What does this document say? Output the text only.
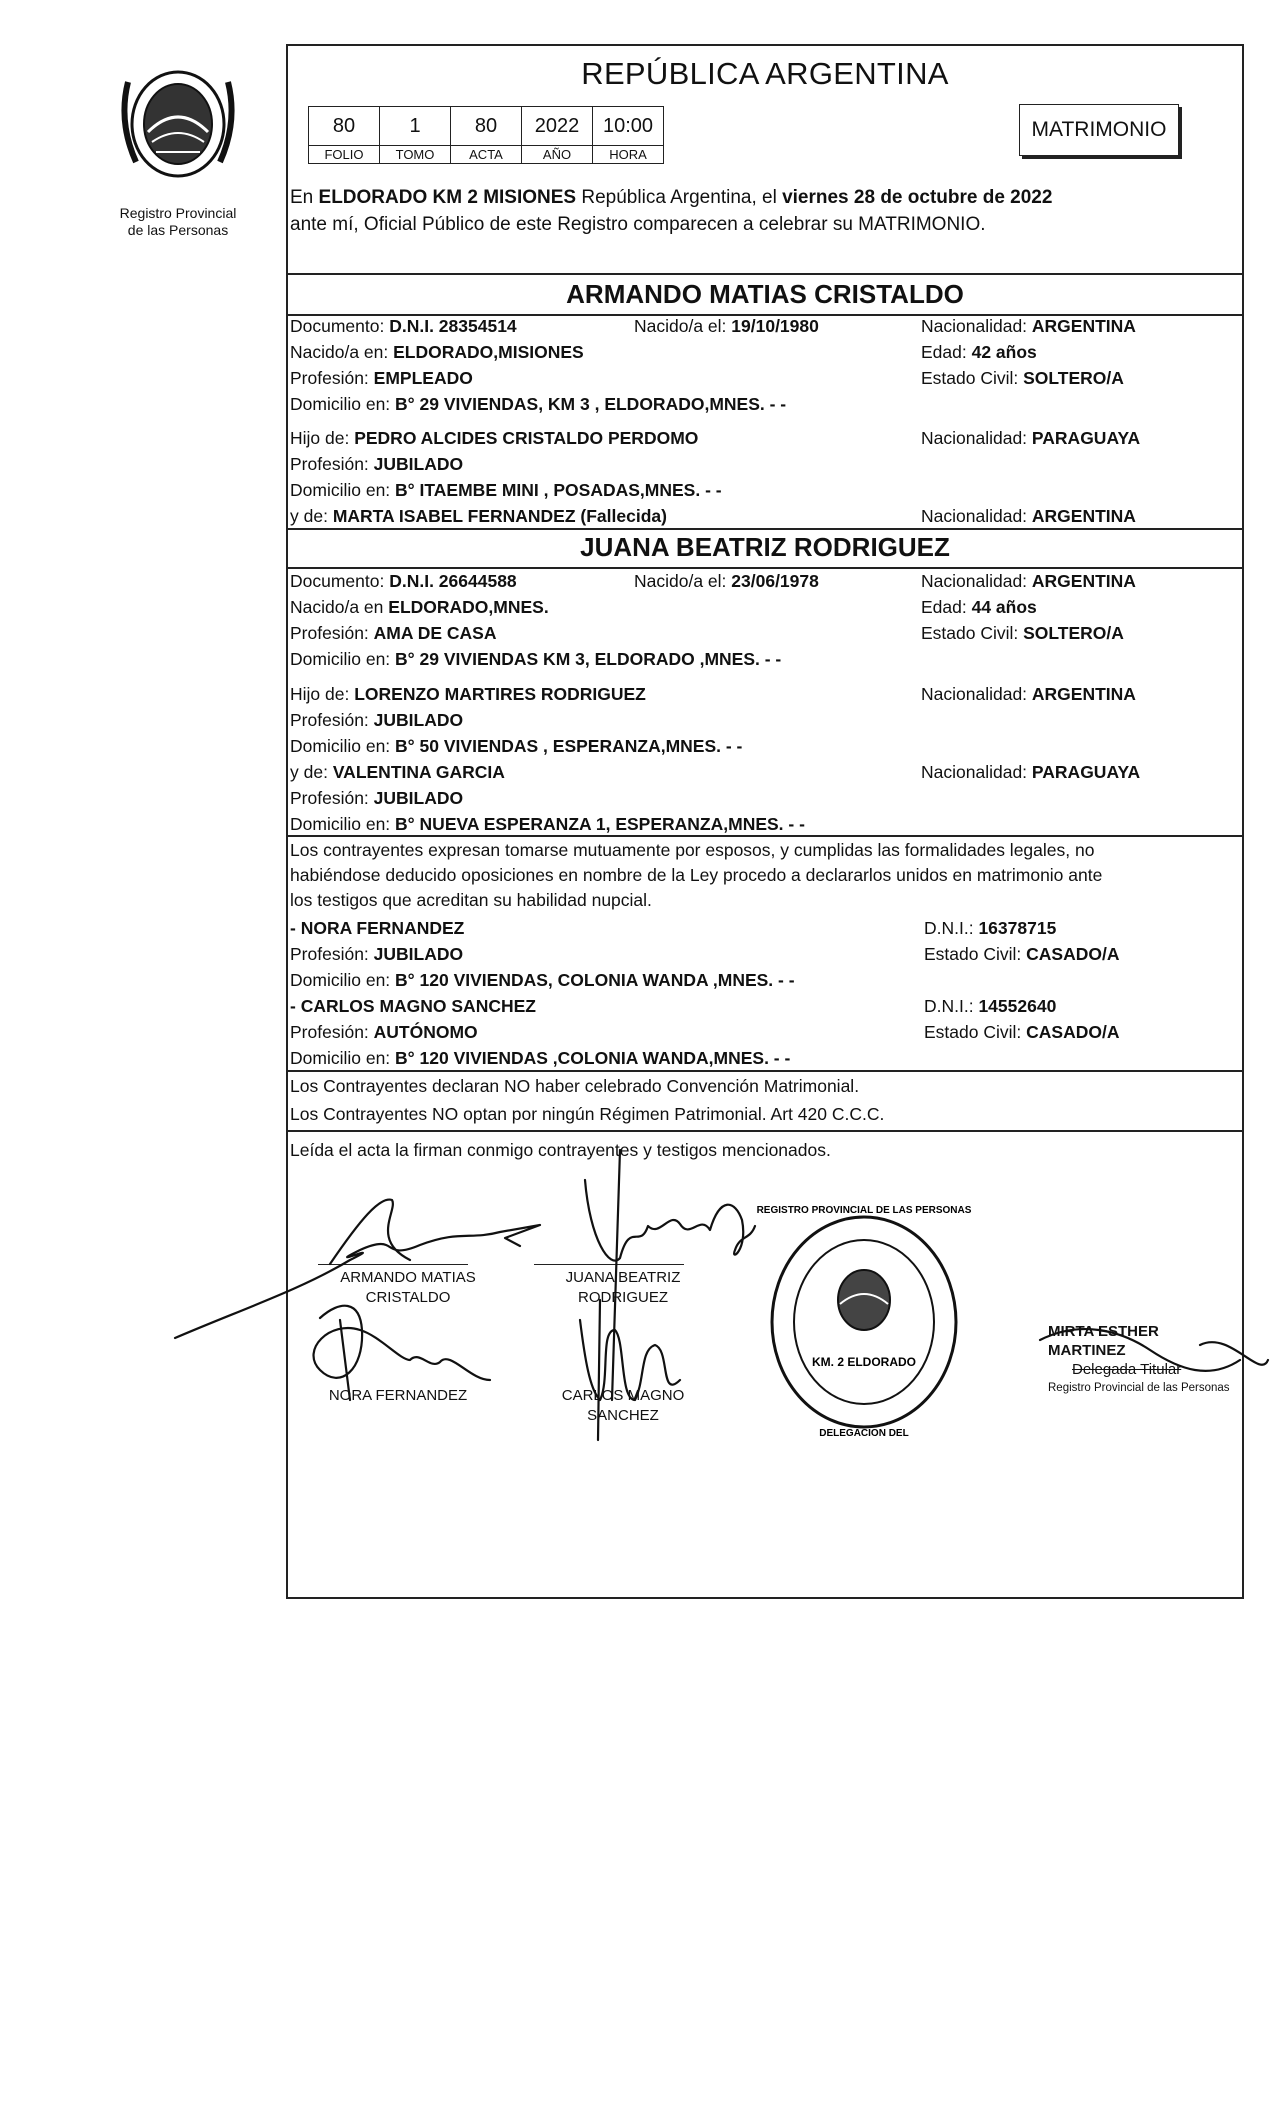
Registro Provincial
de las Personas
REPÚBLICA ARGENTINA
80	1	80	2022	10:00
FOLIO	TOMO	ACTA	AÑO	HORA
MATRIMONIO
En ELDORADO KM 2 MISIONES República Argentina, el viernes 28 de octubre de 2022
ante mí, Oficial Público de este Registro comparecen a celebrar su MATRIMONIO.
ARMANDO MATIAS CRISTALDO
Documento: D.N.I. 28354514	Nacido/a el: 19/10/1980	Nacionalidad: ARGENTINA
Nacido/a en: ELDORADO,MISIONES	Edad: 42 años
Profesión: EMPLEADO	Estado Civil: SOLTERO/A
Domicilio en: B° 29 VIVIENDAS, KM 3 , ELDORADO,MNES. - -
Hijo de: PEDRO ALCIDES CRISTALDO PERDOMO	Nacionalidad: PARAGUAYA
Profesión: JUBILADO
Domicilio en: B° ITAEMBE MINI , POSADAS,MNES. - -
y de: MARTA ISABEL FERNANDEZ (Fallecida)	Nacionalidad: ARGENTINA
JUANA BEATRIZ RODRIGUEZ
Documento: D.N.I. 26644588	Nacido/a el: 23/06/1978	Nacionalidad: ARGENTINA
Nacido/a en ELDORADO,MNES.	Edad: 44 años
Profesión: AMA DE CASA	Estado Civil: SOLTERO/A
Domicilio en: B° 29 VIVIENDAS KM 3, ELDORADO ,MNES. - -
Hijo de: LORENZO MARTIRES RODRIGUEZ	Nacionalidad: ARGENTINA
Profesión: JUBILADO
Domicilio en: B° 50 VIVIENDAS , ESPERANZA,MNES. - -
y de: VALENTINA GARCIA	Nacionalidad: PARAGUAYA
Profesión: JUBILADO
Domicilio en: B° NUEVA ESPERANZA 1, ESPERANZA,MNES. - -
Los contrayentes expresan tomarse mutuamente por esposos, y cumplidas las formalidades legales, no
habiéndose deducido oposiciones en nombre de la Ley procedo a declararlos unidos en matrimonio ante
los testigos que acreditan su habilidad nupcial.
- NORA FERNANDEZ	D.N.I.: 16378715
Profesión: JUBILADO	Estado Civil: CASADO/A
Domicilio en: B° 120 VIVIENDAS, COLONIA WANDA ,MNES. - -
- CARLOS MAGNO SANCHEZ	D.N.I.: 14552640
Profesión: AUTÓNOMO	Estado Civil: CASADO/A
Domicilio en: B° 120 VIVIENDAS ,COLONIA WANDA,MNES. - -
Los Contrayentes declaran NO haber celebrado Convención Matrimonial.
Los Contrayentes NO optan por ningún Régimen Patrimonial. Art 420 C.C.C.
Leída el acta la firman conmigo contrayentes y testigos mencionados.
ARMANDO MATIAS
CRISTALDO
JUANA BEATRIZ
RODRIGUEZ
NORA FERNANDEZ	CARLOS MAGNO
SANCHEZ
MIRTA ESTHER MARTINEZ
Delegada Titular
Registro Provincial de las Personas
KM. 2 ELDORADO
REGISTRO PROVINCIAL DE LAS PERSONAS
DELEGACION DEL
